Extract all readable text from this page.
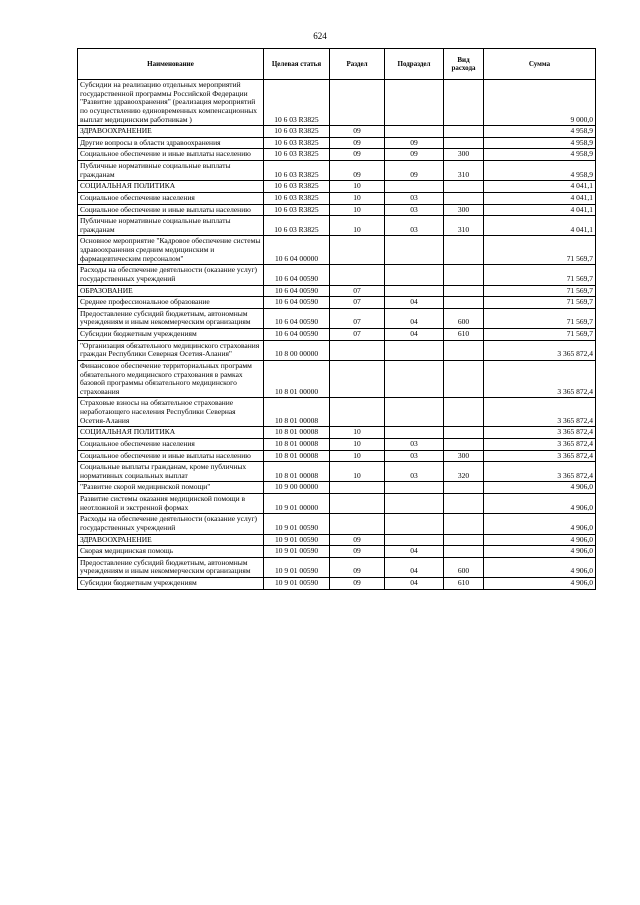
624
Наименование	Целевая статья	Раздел	Подраздел	Вид расхода	Сумма
Субсидии на реализацию отдельных мероприятий государственной программы Российской Федерации "Развитие здравоохранения" (реализация мероприятий по осуществлению единовременных компенсационных выплат медицинским работникам )	10 6 03 R3825				9 000,0
ЗДРАВООХРАНЕНИЕ	10 6 03 R3825	09			4 958,9
Другие вопросы в области здравоохранения	10 6 03 R3825	09	09		4 958,9
Социальное обеспечение и иные выплаты населению	10 6 03 R3825	09	09	300	4 958,9
Публичные нормативные социальные выплаты гражданам	10 6 03 R3825	09	09	310	4 958,9
СОЦИАЛЬНАЯ ПОЛИТИКА	10 6 03 R3825	10			4 041,1
Социальное обеспечение населения	10 6 03 R3825	10	03		4 041,1
Социальное обеспечение и иные выплаты населению	10 6 03 R3825	10	03	300	4 041,1
Публичные нормативные социальные выплаты гражданам	10 6 03 R3825	10	03	310	4 041,1
Основное мероприятие "Кадровое обеспечение системы здравоохранения средним медицинским и фармацевтическим персоналом"	10 6 04 00000				71 569,7
Расходы на обеспечение деятельности (оказание услуг) государственных учреждений	10 6 04 00590				71 569,7
ОБРАЗОВАНИЕ	10 6 04 00590	07			71 569,7
Среднее профессиональное образование	10 6 04 00590	07	04		71 569,7
Предоставление субсидий бюджетным, автономным учреждениям и иным некоммерческим организациям	10 6 04 00590	07	04	600	71 569,7
Субсидии бюджетным учреждениям	10 6 04 00590	07	04	610	71 569,7
"Организация обязательного медицинского страхования граждан Республики Северная Осетия-Алания"	10 8 00 00000				3 365 872,4
Финансовое обеспечение территориальных программ обязательного медицинского страхования в рамках базовой программы обязательного медицинского страхования	10 8 01 00000				3 365 872,4
Страховые взносы на обязательное страхование неработающего населения Республики Северная Осетия-Алания	10 8 01 00008				3 365 872,4
СОЦИАЛЬНАЯ ПОЛИТИКА	10 8 01 00008	10			3 365 872,4
Социальное обеспечение населения	10 8 01 00008	10	03		3 365 872,4
Социальное обеспечение и иные выплаты населению	10 8 01 00008	10	03	300	3 365 872,4
Социальные выплаты гражданам, кроме публичных нормативных социальных выплат	10 8 01 00008	10	03	320	3 365 872,4
"Развитие скорой медицинской помощи"	10 9 00 00000				4 906,0
Развитие системы оказания медицинской помощи в неотложной и экстренной формах	10 9 01 00000				4 906,0
Расходы на обеспечение деятельности (оказание услуг) государственных учреждений	10 9 01 00590				4 906,0
ЗДРАВООХРАНЕНИЕ	10 9 01 00590	09			4 906,0
Скорая медицинская помощь	10 9 01 00590	09	04		4 906,0
Предоставление субсидий бюджетным, автономным учреждениям и иным некоммерческим организациям	10 9 01 00590	09	04	600	4 906,0
Субсидии бюджетным учреждениям	10 9 01 00590	09	04	610	4 906,0
